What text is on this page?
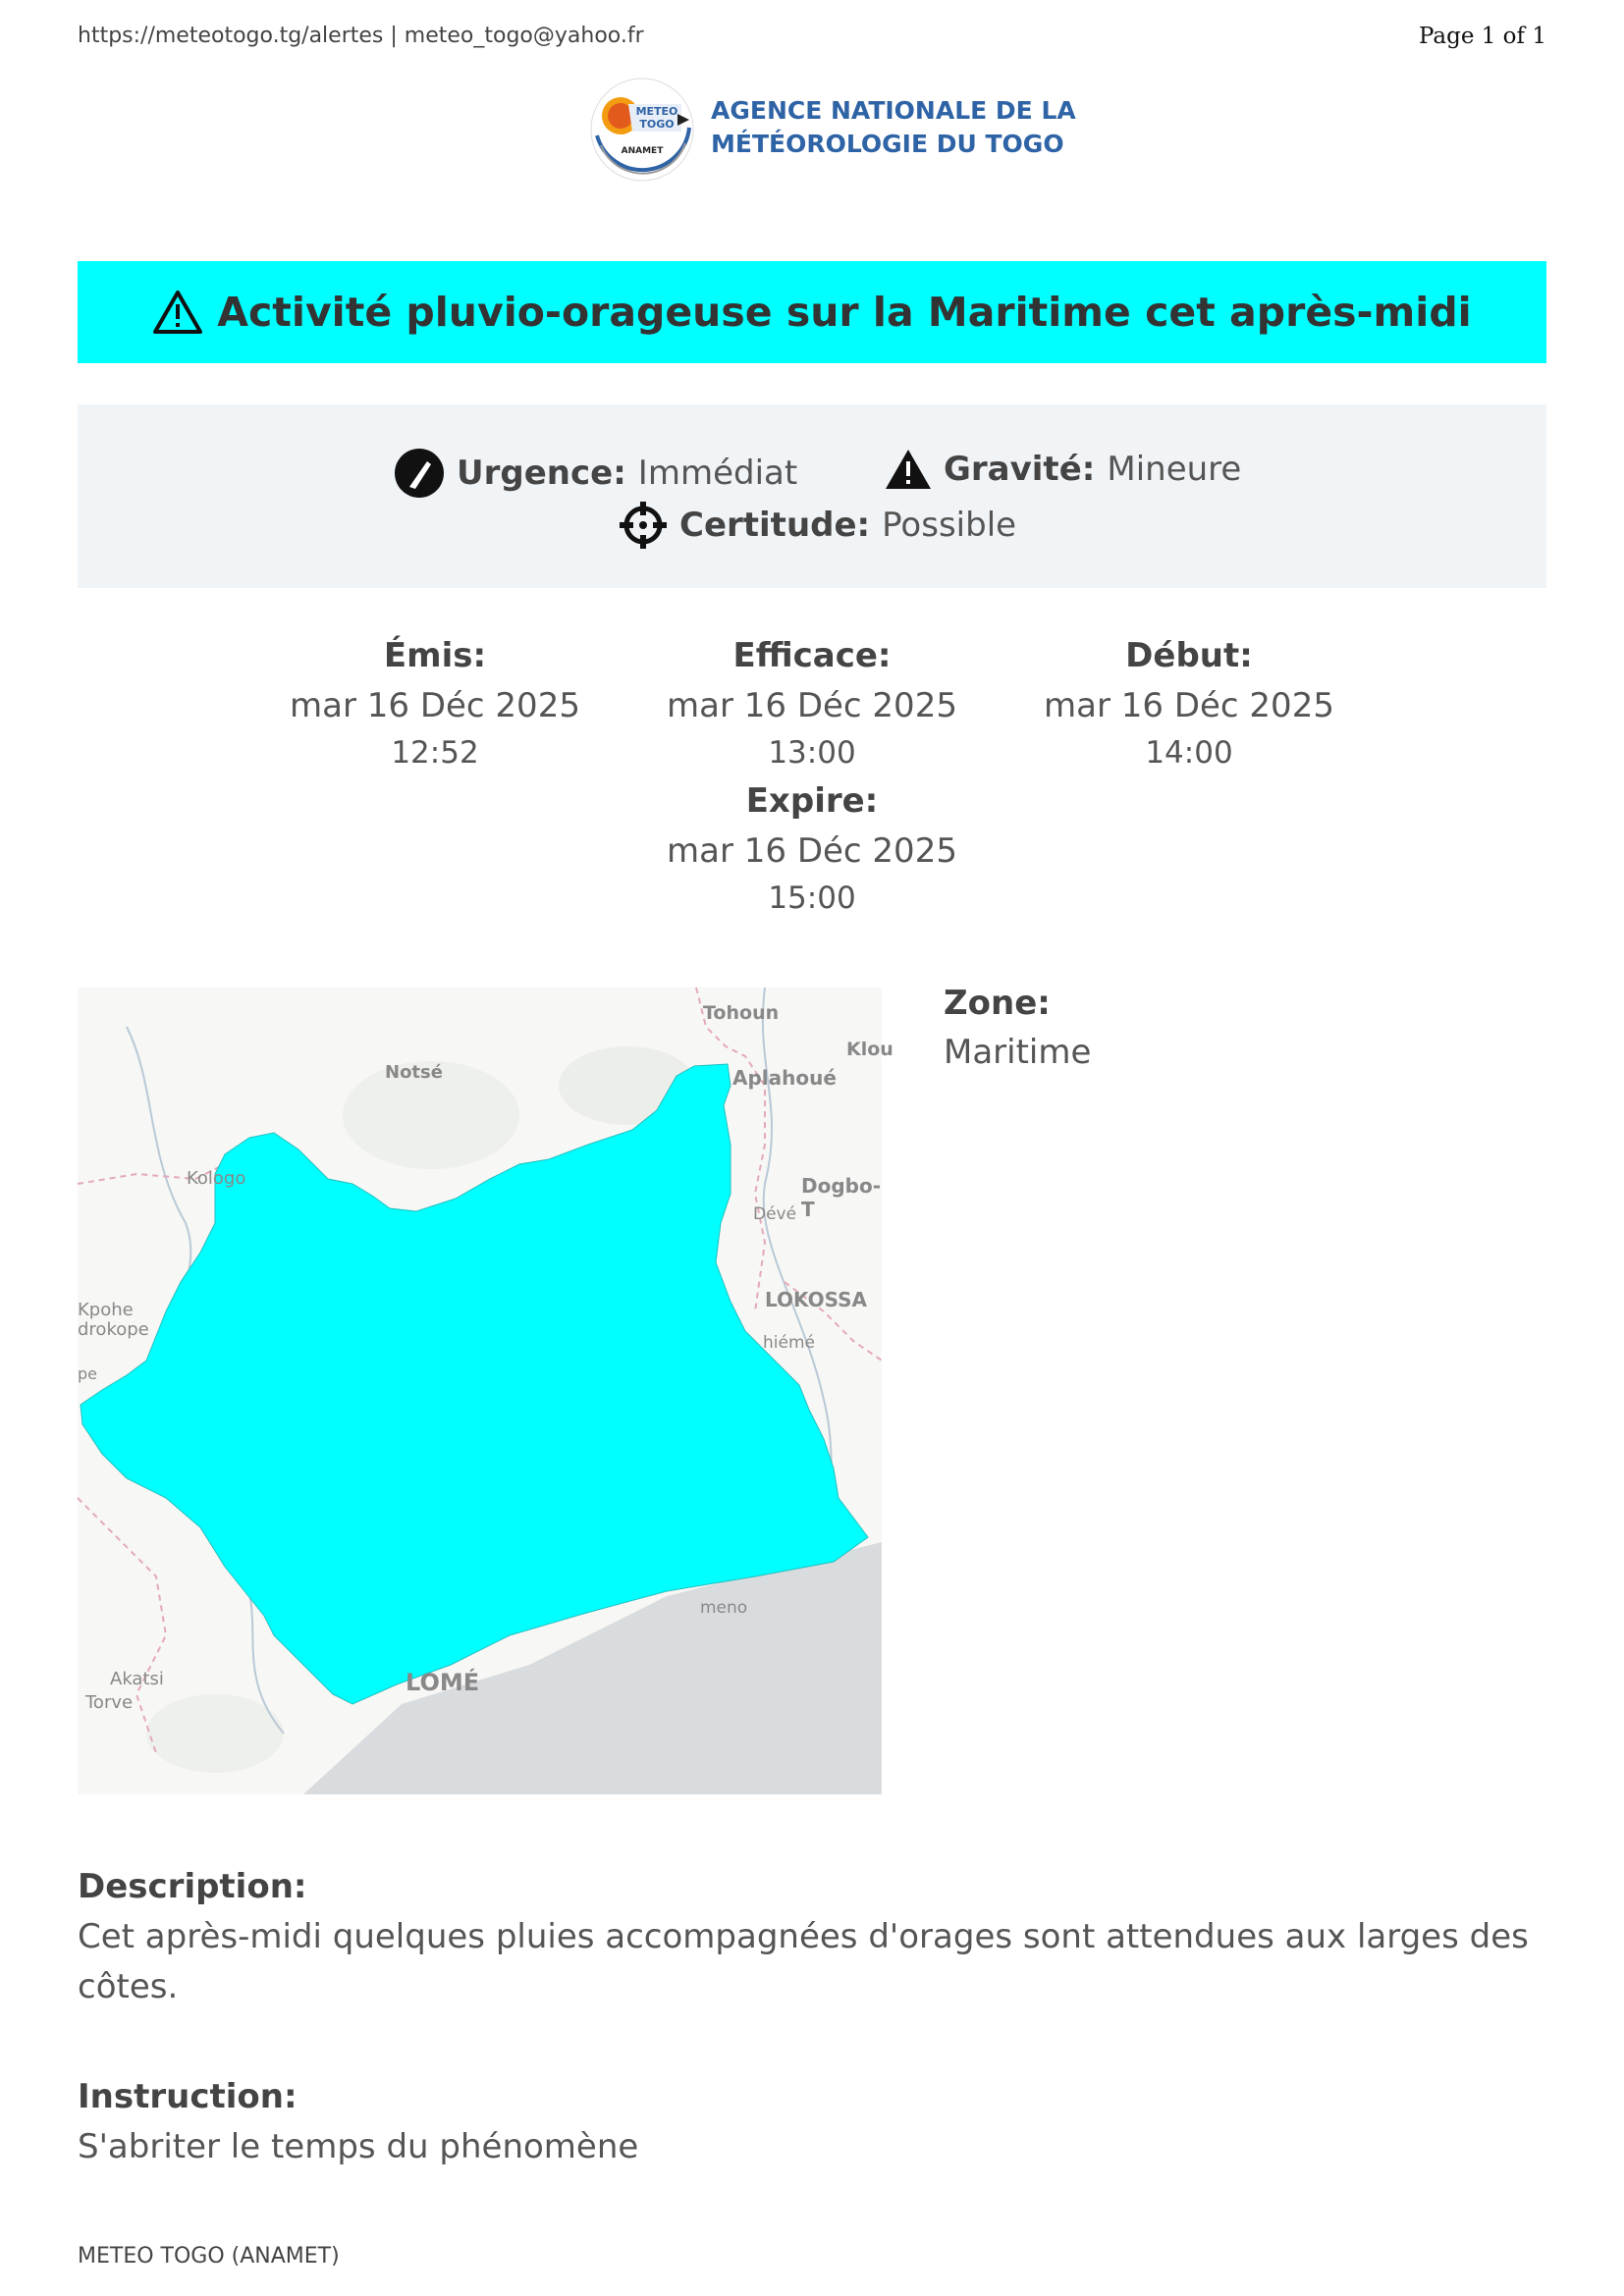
https://meteotogo.tg/alertes | meteo_togo@yahoo.fr	Page 1 of 1
METEO
TOGO
ANAMET
AGENCE NATIONALE DE LA
MÉTÉOROLOGIE DU TOGO
Activité pluvio-orageuse sur la Maritime cet après-midi
Urgence: Immédiat	Gravité: Mineure
Certitude: Possible
Émis:
mar 16 Déc 2025
12:52
Efficace:
mar 16 Déc 2025
13:00
Début:
mar 16 Déc 2025
14:00
Expire:
mar 16 Déc 2025
15:00
Tohoun
Klou
Notsé	Aplahoué
Kologo	Dogbo-T
Dévé
Kpohe
drokope
LOKOSSA
hiémé
pe
meno
Akatsi
Torve
LOMÉ
Zone:
Maritime
Description:
Cet après-midi quelques pluies accompagnées d'orages sont attendues aux larges des côtes.
Instruction:
S'abriter le temps du phénomène
METEO TOGO (ANAMET)
